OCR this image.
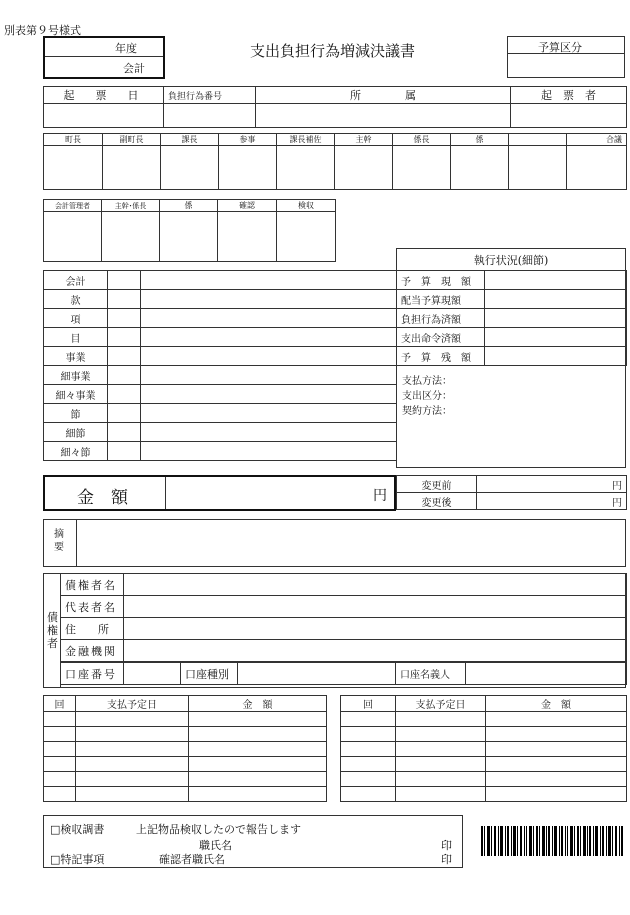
別表第９号様式
年度
会計
支出負担行為増減決議書	予算区分
起　票　日	負担行為番号	所　　　　属	起　票　者

町長	副町長	課長	参事	課長補佐	主幹	係長	係		合議

会計管理者	主幹･係長	係	確認	検収

会計		
款		
項		
目		
事業		
細事業		
細々事業		
節		
細節		
細々節		
執行状況(細節)
予　算　現　額	
配当予算現額	
負担行為済額	
支出命令済額	
予　算　残　額	
支払方法：
支出区分：
契約方法：
金　額	円
変更前	円
変更後	円
摘要
債権者
債権者名	
代表者名	
住　　所	
金融機関	
口座番号		口座種別		口座名義人	
回	支払予定日	金　額

			回	支払予定日	金　額

□検収調書	上記物品検収したので報告します
職氏名	印
□特記事項	確認者職氏名	印
